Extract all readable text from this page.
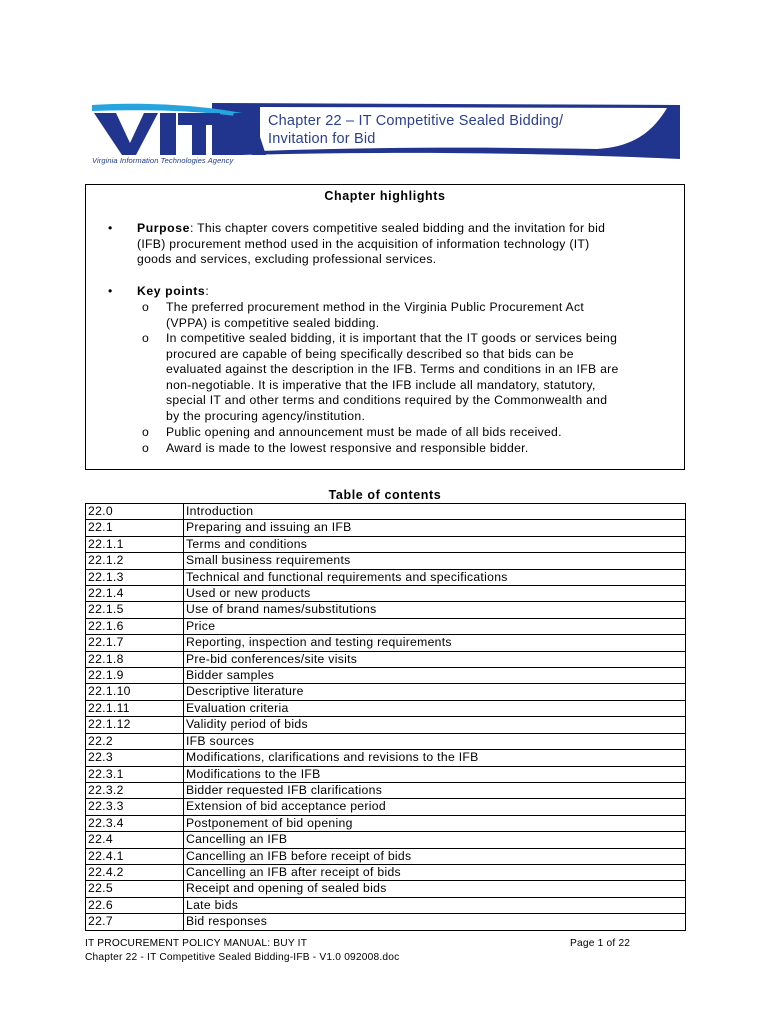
Chapter 22 – IT Competitive Sealed Bidding/
Invitation for Bid
Virginia Information Technologies Agency
Chapter highlights
• Purpose: This chapter covers competitive sealed bidding and the invitation for bid
(IFB) procurement method used in the acquisition of information technology (IT)
goods and services, excluding professional services.
• Key points:
o The preferred procurement method in the Virginia Public Procurement Act
(VPPA) is competitive sealed bidding.
o In competitive sealed bidding, it is important that the IT goods or services being
procured are capable of being specifically described so that bids can be
evaluated against the description in the IFB. Terms and conditions in an IFB are
non-negotiable. It is imperative that the IFB include all mandatory, statutory,
special IT and other terms and conditions required by the Commonwealth and
by the procuring agency/institution.
o Public opening and announcement must be made of all bids received.
o Award is made to the lowest responsive and responsible bidder.
Table of contents
22.0	Introduction
22.1	Preparing and issuing an IFB
22.1.1	Terms and conditions
22.1.2	Small business requirements
22.1.3	Technical and functional requirements and specifications
22.1.4	Used or new products
22.1.5	Use of brand names/substitutions
22.1.6	Price
22.1.7	Reporting, inspection and testing requirements
22.1.8	Pre-bid conferences/site visits
22.1.9	Bidder samples
22.1.10	Descriptive literature
22.1.11	Evaluation criteria
22.1.12	Validity period of bids
22.2	IFB sources
22.3	Modifications, clarifications and revisions to the IFB
22.3.1	Modifications to the IFB
22.3.2	Bidder requested IFB clarifications
22.3.3	Extension of bid acceptance period
22.3.4	Postponement of bid opening
22.4	Cancelling an IFB
22.4.1	Cancelling an IFB before receipt of bids
22.4.2	Cancelling an IFB after receipt of bids
22.5	Receipt and opening of sealed bids
22.6	Late bids
22.7	Bid responses
IT PROCUREMENT POLICY MANUAL: BUY IT
Chapter 22 - IT Competitive Sealed Bidding-IFB - V1.0 092008.doc
Page 1 of 22
